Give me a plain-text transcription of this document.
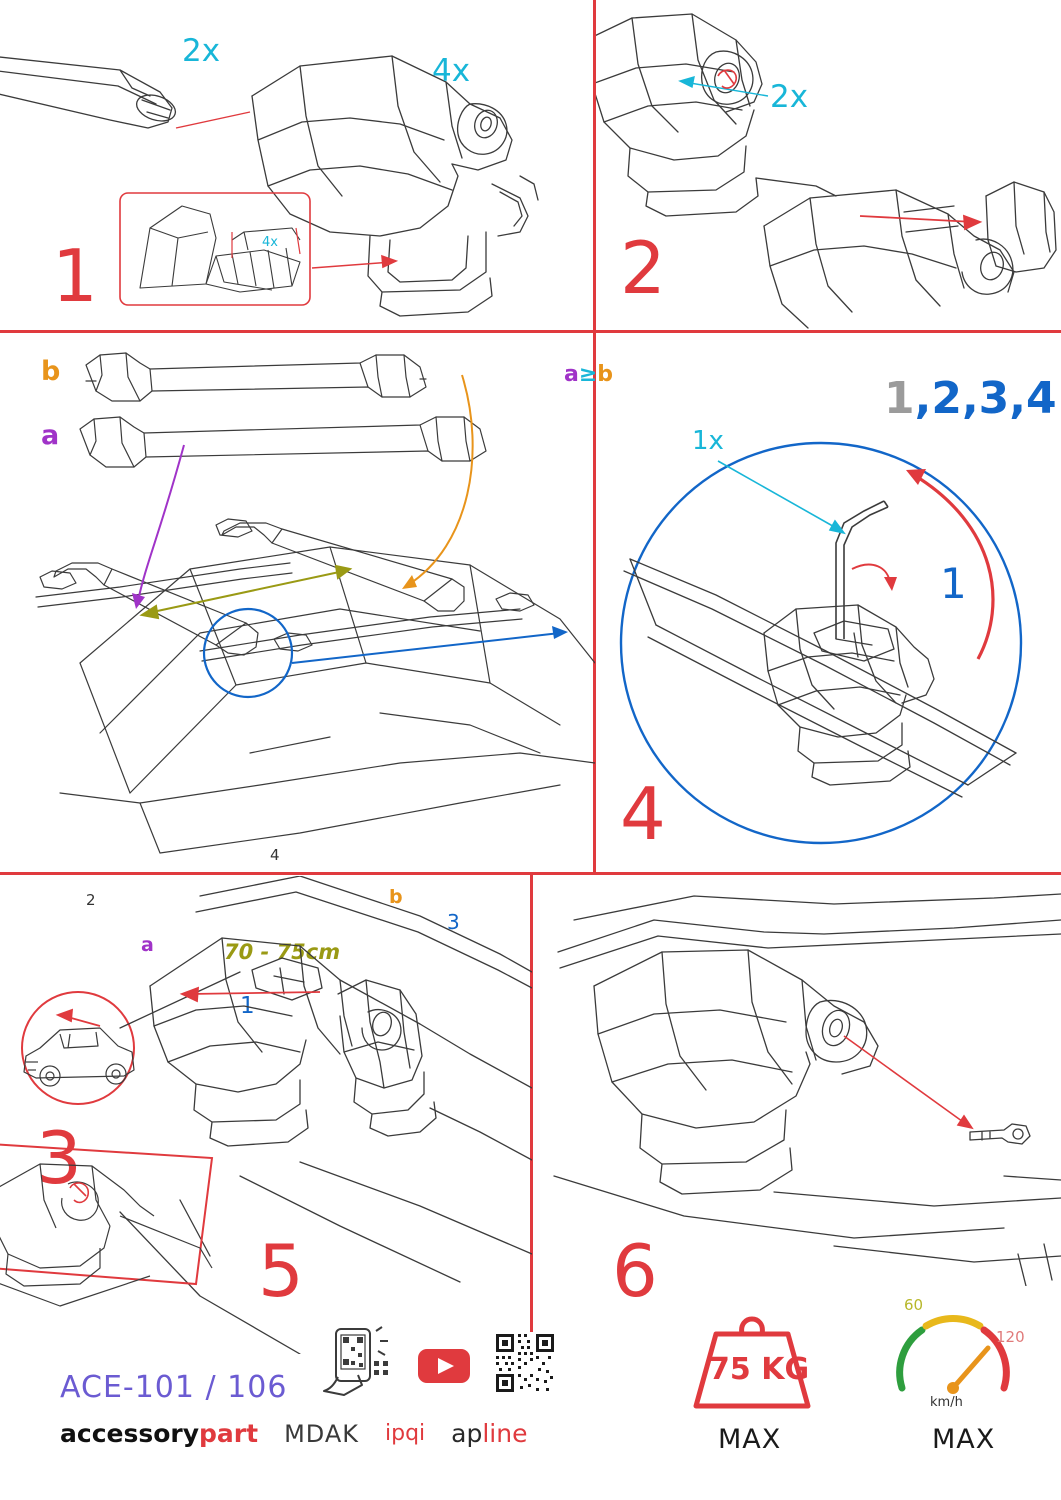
1
2x
4x
4x	2
2x
3
b
a
a
b
70 - 75cm
1
2
3
4	4
a≥b
1x
1,2,3,4
1
5	6
ACE-101 / 106
accessorypart MDAK ipqi apline
75 KG
MAX
60
120
km/h
MAX
